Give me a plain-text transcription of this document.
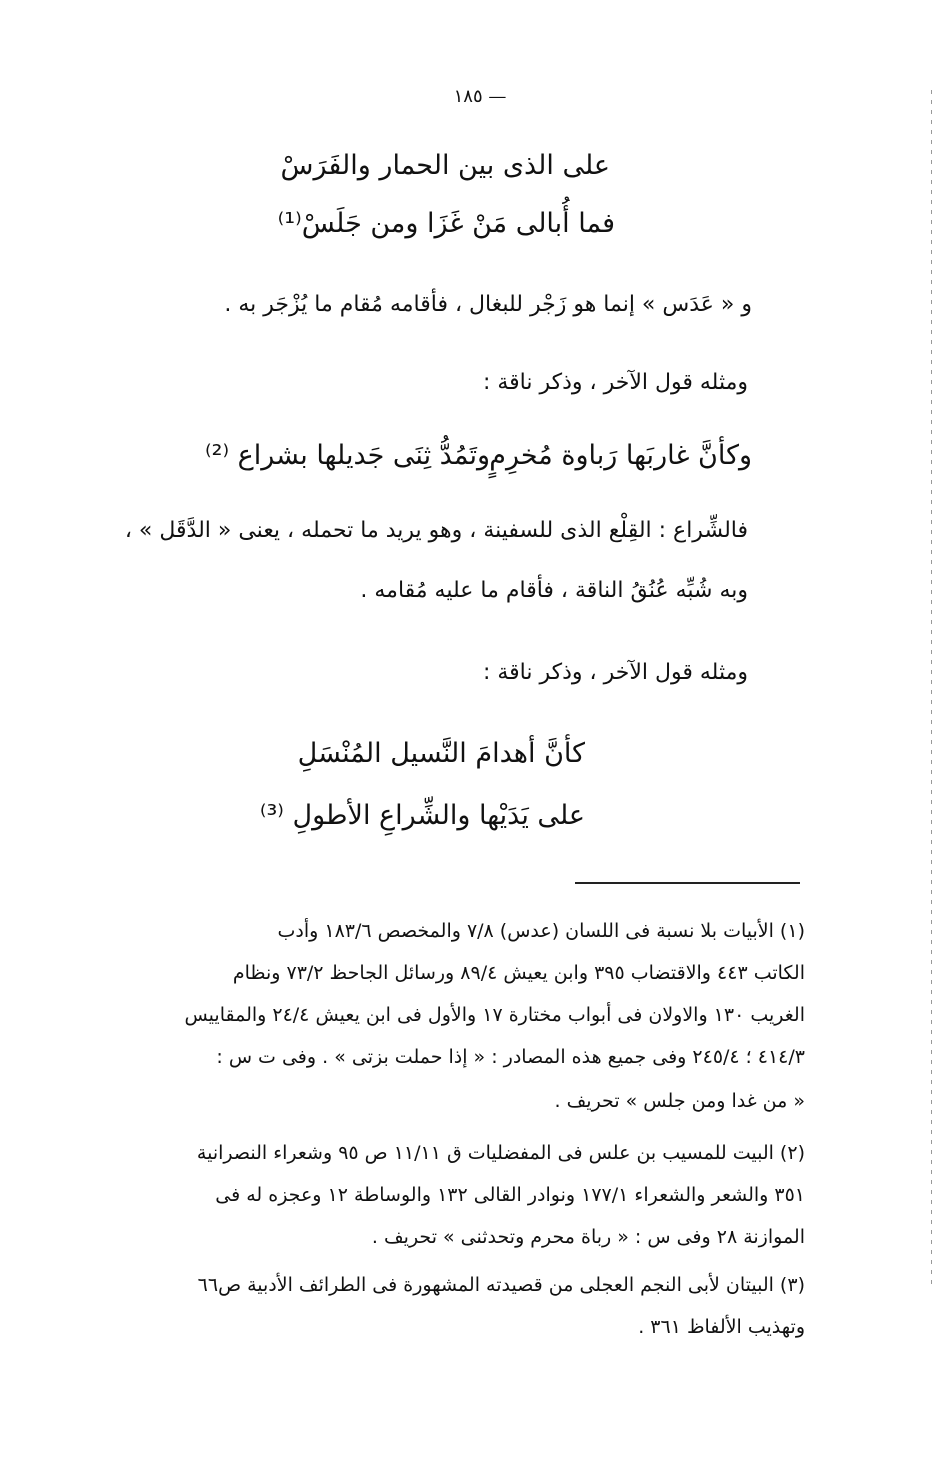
١٨٥ —
على الذى بين الحمار والفَرَسْ
فما أُبالى مَنْ غَزَا ومن جَلَسْ⁽¹⁾
و « عَدَس » إنما هو زَجْر للبغال ، فأقامه مُقام ما يُزْجَر به .
ومثله قول الآخر ، وذكر ناقة :
وكأنَّ غاربَها رَباوة مُخرِمٍ
وتَمُدُّ ثِنَى جَديلها بشراع ⁽²⁾
فالشِّراع : القِلْع الذى للسفينة ، وهو يريد ما تحمله ، يعنى « الدَّقَل » ،
وبه شُبِّه عُنُقُ الناقة ، فأقام ما عليه مُقامه .
ومثله قول الآخر ، وذكر ناقة :
كأنَّ أهدامَ النَّسيل المُنْسَلِ
على يَدَيْها والشِّراعِ الأطولِ ⁽³⁾
(١) الأبيات بلا نسبة فى اللسان (عدس) ٧/٨ والمخصص ١٨٣/٦ وأدب
الكاتب ٤٤٣ والاقتضاب ٣٩٥ وابن يعيش ٨٩/٤ ورسائل الجاحظ ٧٣/٢ ونظام
الغريب ١٣٠ والاولان فى أبواب مختارة ١٧ والأول فى ابن يعيش ٢٤/٤ والمقاييس
٤١٤/٣ ؛ ٢٤٥/٤ وفى جميع هذه المصادر : « إذا حملت بزتى » . وفى ت س :
« من غدا ومن جلس » تحريف .
(٢) البيت للمسيب بن علس فى المفضليات ق ١١/١١ ص ٩٥ وشعراء النصرانية
٣٥١ والشعر والشعراء ١٧٧/١ ونوادر القالى ١٣٢ والوساطة ١٢ وعجزه له فى
الموازنة ٢٨ وفى س : « رباة محرم وتحدثنى » تحريف .
(٣) البيتان لأبى النجم العجلى من قصيدته المشهورة فى الطرائف الأدبية ص٦٦
وتهذيب الألفاظ ٣٦١ .
